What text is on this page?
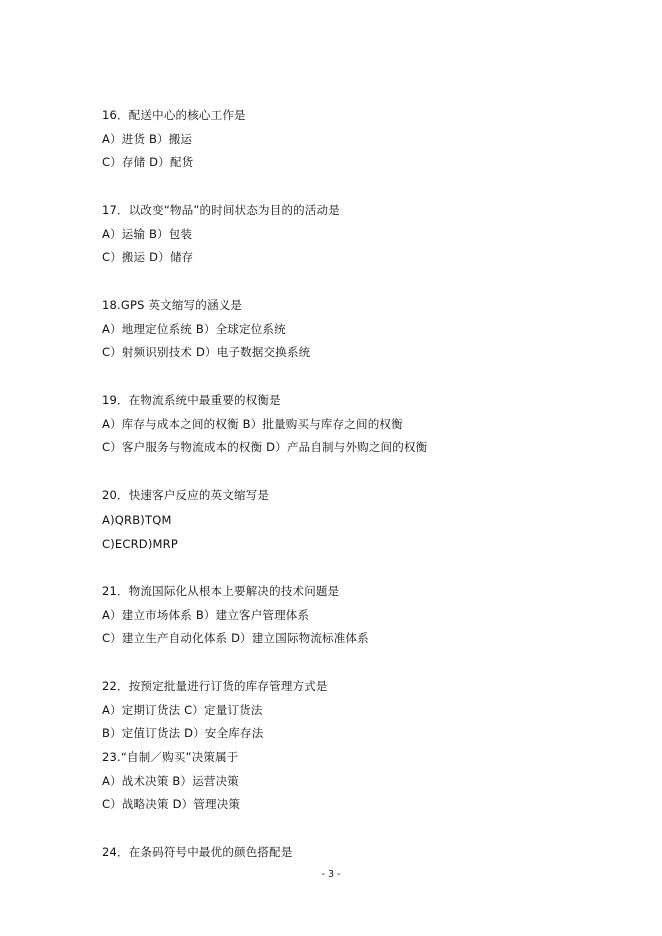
16．配送中心的核心工作是
A）进货 B）搬运
C）存储 D）配货
17．以改变“物品”的时间状态为目的的活动是
A）运输 B）包装
C）搬运 D）储存
18.GPS 英文缩写的涵义是
A）地理定位系统 B）全球定位系统
C）射频识别技术 D）电子数据交换系统
19．在物流系统中最重要的权衡是
A）库存与成本之间的权衡 B）批量购买与库存之间的权衡
C）客户服务与物流成本的权衡 D）产品自制与外购之间的权衡
20．快速客户反应的英文缩写是
A)QRB)TQM
C)ECRD)MRP
21．物流国际化从根本上要解决的技术问题是
A）建立市场体系 B）建立客户管理体系
C）建立生产自动化体系 D）建立国际物流标准体系
22．按预定批量进行订货的库存管理方式是
A）定期订货法 C）定量订货法
B）定值订货法 D）安全库存法
23.“自制／购买”决策属于
A）战术决策 B）运营决策
C）战略决策 D）管理决策
24．在条码符号中最优的颜色搭配是
- 3 -
